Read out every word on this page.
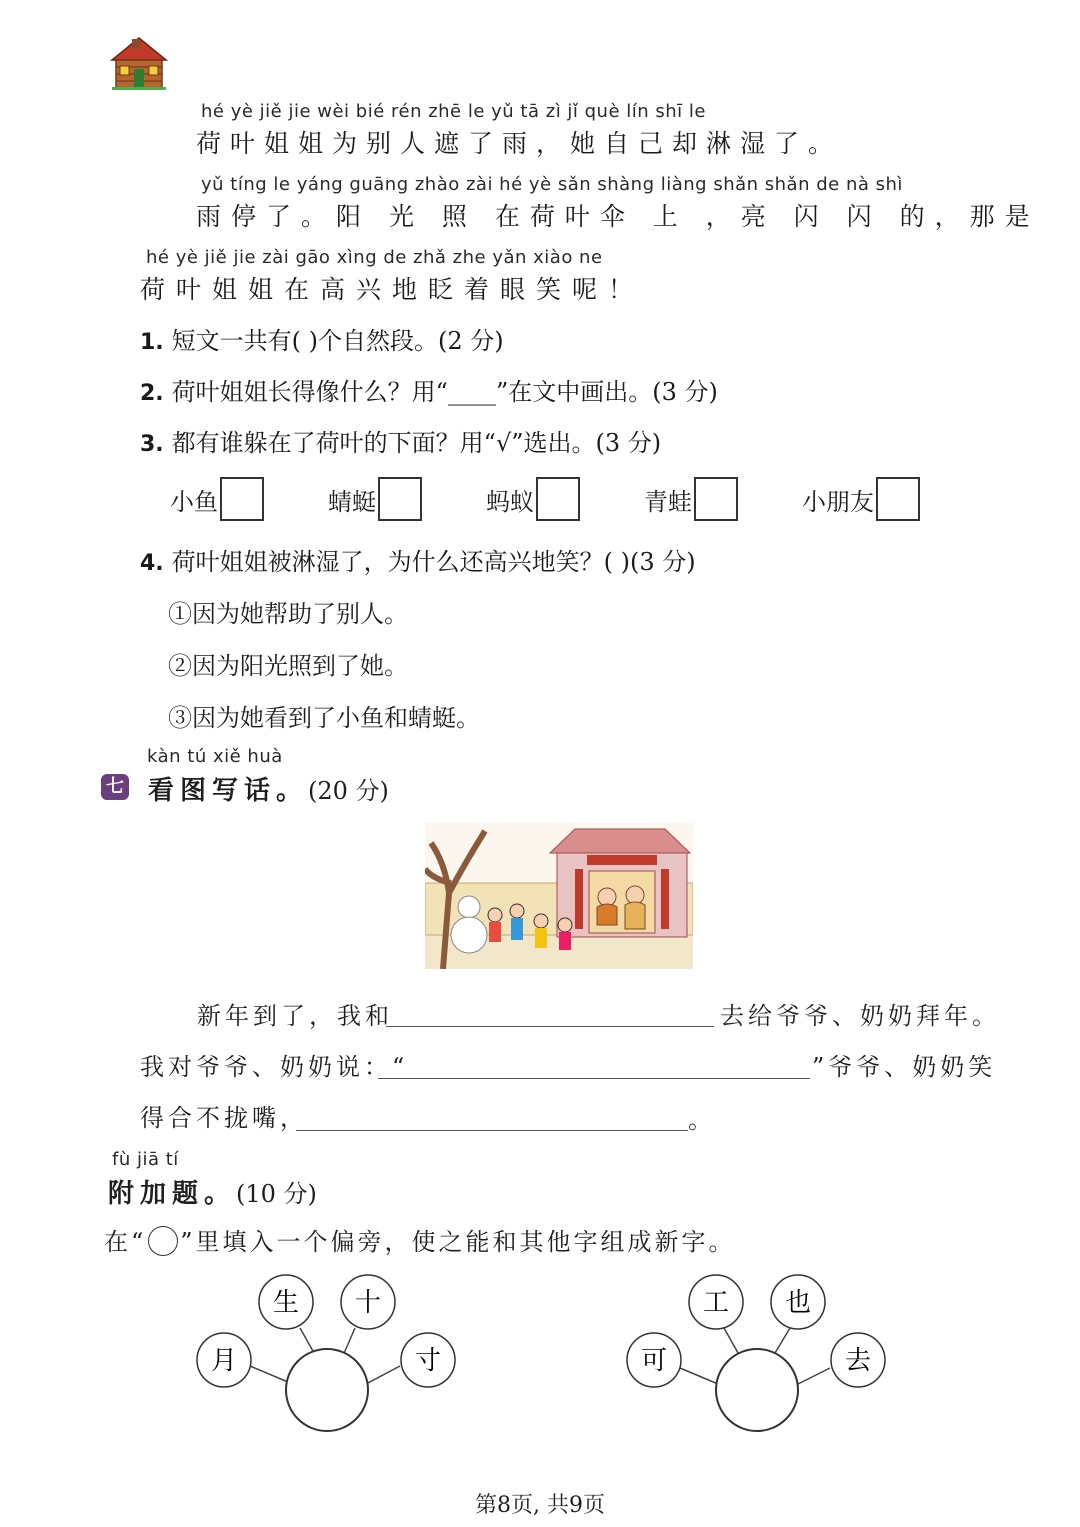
hé yè jiě jie wèi bié rén zhē le yǔ tā zì jǐ què lín shī le
荷叶姐姐为别人遮了雨，她自己却淋湿了。
yǔ tíng le yáng guāng zhào zài hé yè sǎn shàng liàng shǎn shǎn de nà shì
雨停了。阳 光 照 在荷叶伞 上 ，亮 闪 闪 的，那是
hé yè jiě jie zài gāo xìng de zhǎ zhe yǎn xiào ne
荷叶姐姐在高兴地眨着眼笑呢！
1. 短文一共有( )个自然段。(2 分)
2. 荷叶姐姐长得像什么？用“____”在文中画出。(3 分)
3. 都有谁躲在了荷叶的下面？用“√”选出。(3 分)
小鱼	蜻蜓	蚂蚁	青蛙	小朋友
4. 荷叶姐姐被淋湿了，为什么还高兴地笑？( )(3 分)
①因为她帮助了别人。
②因为阳光照到了她。
③因为她看到了小鱼和蜻蜓。
kàn tú xiě huà
七 看图写话。(20 分)
新年到了，我和	去给爷爷、奶奶拜年。
我对爷爷、奶奶说：“	”爷爷、奶奶笑
得合不拢嘴，	。
fù jiā tí
附加题。(10 分)
在“ ”里填入一个偏旁，使之能和其他字组成新字。
生 十
月	寸
工 也
可	去
第8页, 共9页
